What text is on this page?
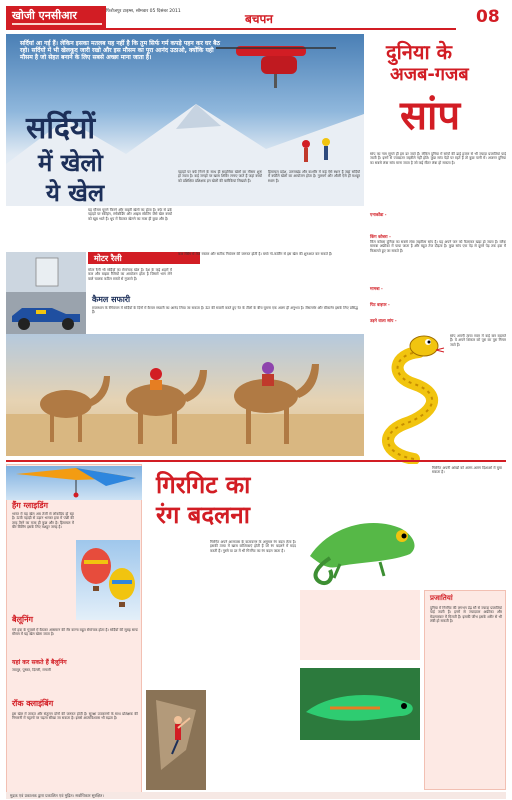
खोजी एनसीआर	फिरोजपुर टाइम्स, सोमवार 05 दिसंबर 2011
बचपन	08
सर्दियां आ गई हैं। लेकिन इसका मतलब यह नहीं है कि तुम सिर्फ गर्म कपड़े पहन कर घर बैठ रहो। सर्दियों में भी खेलकूद जारी रखो और इस मौसम का पूरा आनंद उठाओ, क्योंकि यही मौसम है जो सेहत बनाने के लिए सबसे अच्छा माना जाता है।
सर्दियों
में खेलो
ये खेल
यह मौसम घूमने फिरने और बाहरी खेलों का होता है। बर्फ से ढके पहाड़ों पर स्कीइंग, स्नोबोर्डिंग और आइस स्केटिंग जैसे खेल बच्चों को खूब भाते हैं। धूप में बैठकर खेलने का मजा ही कुछ और है।
पहाड़ों पर बर्फ गिरने के साथ ही साहसिक खेलों का मौसम शुरू हो जाता है। कई जगहों पर खास शिविर लगाए जाते हैं जहां बच्चों को प्रशिक्षित प्रशिक्षक इन खेलों की बारीकियां सिखाते हैं।
हिमाचल प्रदेश, उत्तराखंड और कश्मीर में कई ऐसे स्थान हैं जहां सर्दियों में बर्फीले खेलों का आयोजन होता है। गुलमर्ग और औली ऐसे ही मशहूर स्थान हैं।
दुनिया के
अजब-गजब
सांप
सांप का नाम सुनते ही हम डर जाते हैं। लेकिन दुनिया में सांपों की ढाई हजार से भी ज्यादा प्रजातियां पाई जाती हैं। इनमें से ज्यादातर जहरीले नहीं होते। कुछ सांप पेड़ों पर रहते हैं तो कुछ पानी में। अजगर दुनिया का सबसे लंबा सांप माना जाता है जो कई मीटर लंबा हो सकता है।
एनाकोंडा -
किंग कोबरा -
किंग कोबरा दुनिया का सबसे लंबा जहरीला सांप है। यह अपने फन को फैलाकर खड़ा हो जाता है। ब्लैक मामबा अफ्रीका में पाया जाता है और बहुत तेज दौड़ता है। कुछ सांप एक पेड़ से दूसरे पेड़ तक हवा में फिसलते हुए जा सकते हैं।
मामबा -
पिट वाइपर -
उड़ने वाला सांप -
सांप अपनी त्वचा साल में कई बार बदलते हैं। ये अपने शिकार को पूरा का पूरा निगल जाते हैं।
मोटर रैली
मोटर रैली भी सर्दियों का रोमांचक खेल है। देश के कई शहरों में कार और बाइक रैलियों का आयोजन होता है जिसमें भाग लेने वाले चालक कठिन रास्तों से गुजरते हैं।
कार रेसिंग में तेज रफ्तार और सटीक नियंत्रण की जरूरत होती है। बच्चे गो-कार्टिंग से इस खेल की शुरुआत कर सकते हैं।
कैमल सफारी
राजस्थान के रेगिस्तान में सर्दियों के दिनों में कैमल सफारी का आनंद लिया जा सकता है। ऊंट की सवारी करते हुए रेत के टीलों के बीच घूमना एक अलग ही अनुभव है। जैसलमेर और बीकानेर इसके लिए प्रसिद्ध हैं।
हैंग ग्लाइडिंग
भारत में यह खेल अब तेजी से लोकप्रिय हो रहा है। ऊंची पहाड़ी से उड़ान भरकर हवा में पंछी की तरह तैरने का मजा ही कुछ और है। हिमाचल में बीर बिलिंग इसके लिए मशहूर जगह है।
बैलूनिंग
गर्म हवा के गुब्बारे में बैठकर आसमान की सैर करना बहुत रोमांचक होता है। सर्दियों की सुबह साफ मौसम में यह खेल खेला जाता है।
यहां कर सकते हैं बैलूनिंग
जयपुर, पुष्कर, दिल्ली, मनाली
रॉक क्लाइंबिंग
इस खेल में ताकत और संतुलन दोनों की जरूरत होती है। सुरक्षा उपकरणों के साथ प्रशिक्षक की निगरानी में चट्टानों पर चढ़ना सीखा जा सकता है। इससे आत्मविश्वास भी बढ़ता है।
गिरगिट का
रंग बदलना
गिरगिट अपनी आंखों को अलग-अलग दिशाओं में घुमा सकता है।
गिरगिट अपने आसपास के वातावरण के अनुसार रंग बदल लेता है। इसकी त्वचा में खास कोशिकाएं होती हैं जो रंग बदलने में मदद करती हैं। गुस्से या डर में भी गिरगिट का रंग बदल जाता है।
प्रजातियां
दुनिया में गिरगिट की लगभग डेढ़ सौ से ज्यादा प्रजातियां पाई जाती हैं। इनमें से ज्यादातर अफ्रीका और मेडागास्कर में मिलती हैं। इसकी जीभ इसके शरीर से भी लंबी हो सकती है।
मुद्रक एवं प्रकाशक द्वारा प्रकाशित एवं मुद्रित। सर्वाधिकार सुरक्षित।
